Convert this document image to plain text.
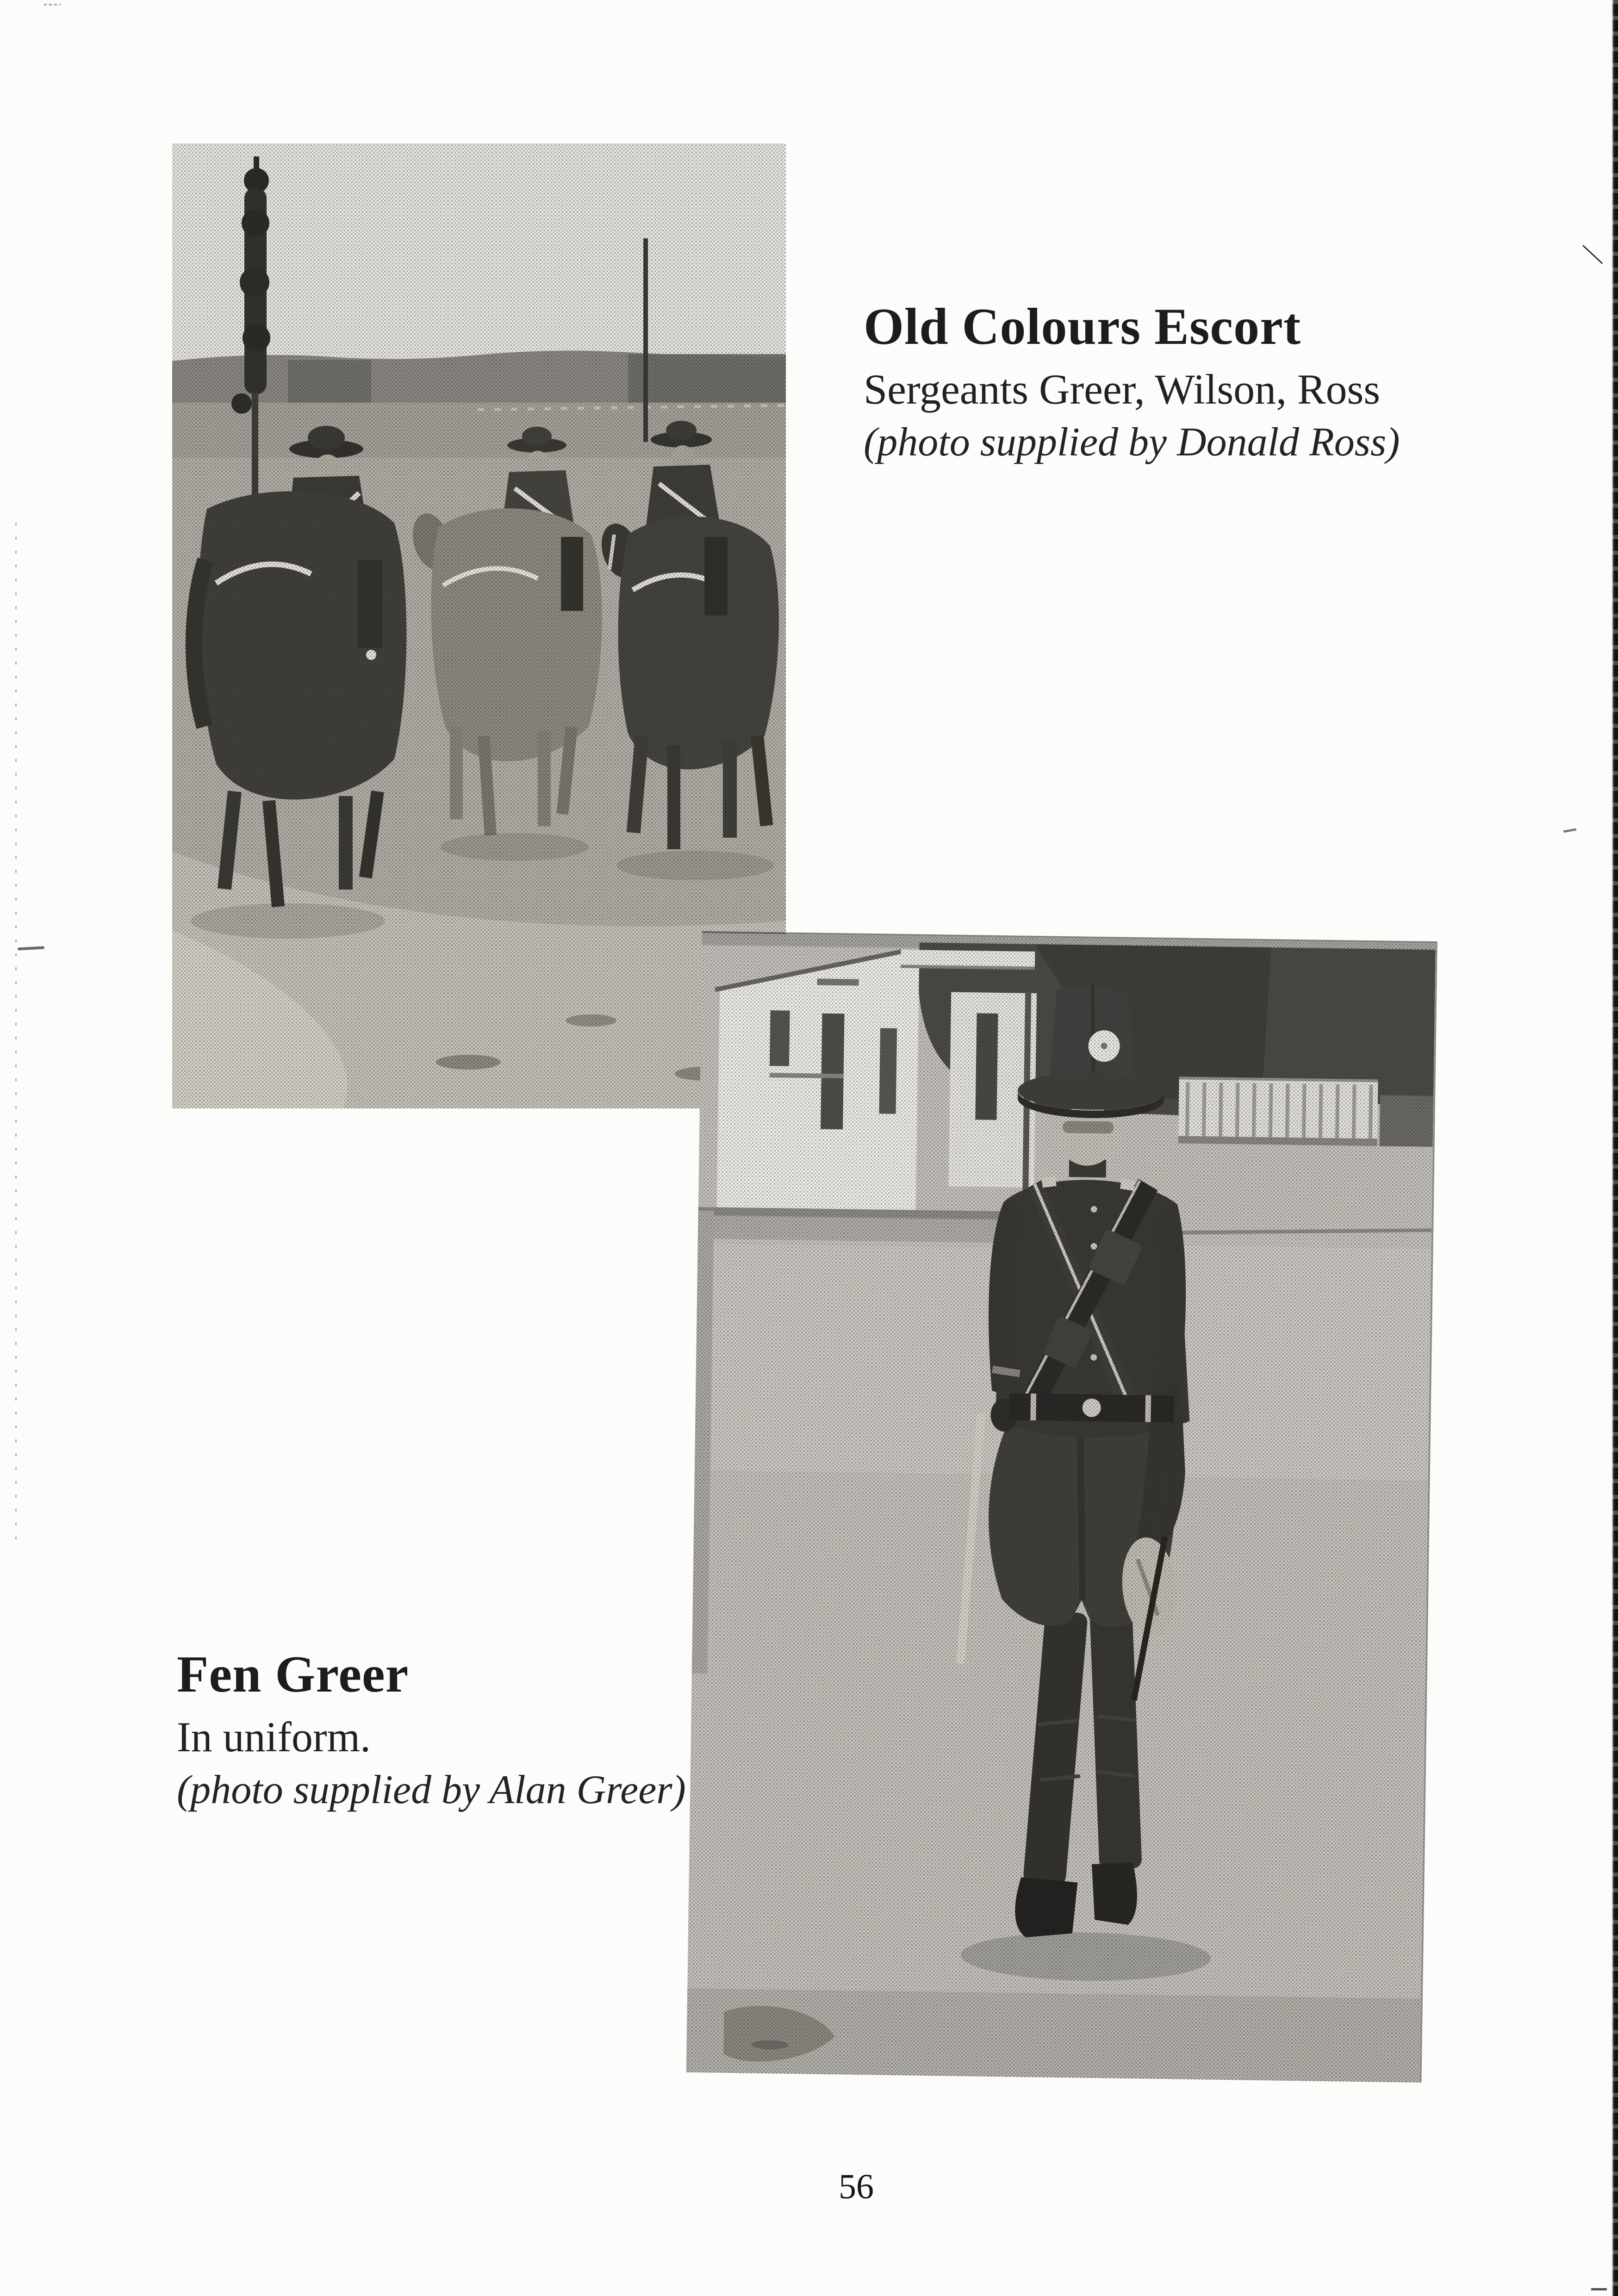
Old Colours Escort

Sergeants Greer, Wilson, Ross

(photo supplied by Donald Ross)

Fen Greer

In uniform.

(photo supplied by Alan Greer)

56
